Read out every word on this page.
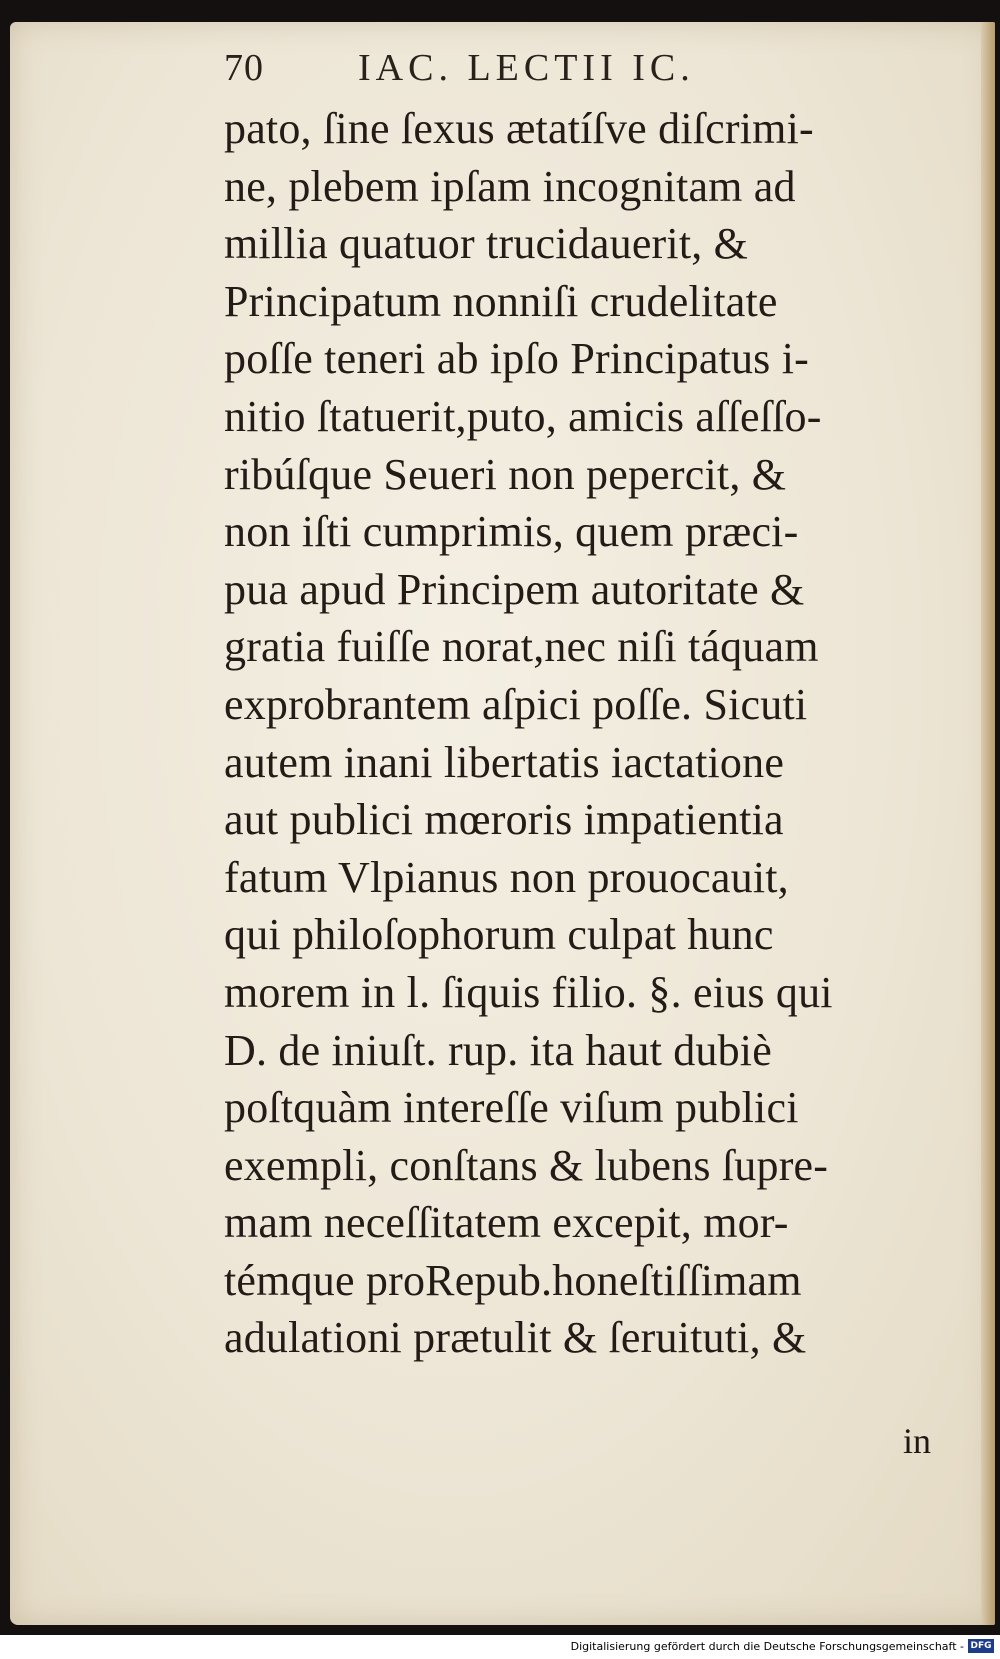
70 IAC. LECTII IC.
pato, ſine ſexus ætatíſve diſcrimi-
ne, plebem ipſam incognitam ad
millia quatuor trucidauerit, &
Principatum nonniſi crudelitate
poſſe teneri ab ipſo Principatus i-
nitio ſtatuerit,puto, amicis aſſeſſo-
ribúſque Seueri non pepercit, &
non iſti cumprimis, quem præci-
pua apud Principem autoritate &
gratia fuiſſe norat,nec niſi táquam
exprobrantem aſpici poſſe. Sicuti
autem inani libertatis iactatione
aut publici mœroris impatientia
fatum Vlpianus non prouocauit,
qui philoſophorum culpat hunc
morem in l. ſiquis filio. §. eius qui
D. de iniuſt. rup. ita haut dubiè
poſtquàm intereſſe viſum publici
exempli, conſtans & lubens ſupre-
mam neceſſitatem excepit, mor-
témque proRepub.honeſtiſſimam
adulationi prætulit & ſeruituti, &
in
Digitalisierung gefördert durch die Deutsche Forschungsgemeinschaft - DFG
